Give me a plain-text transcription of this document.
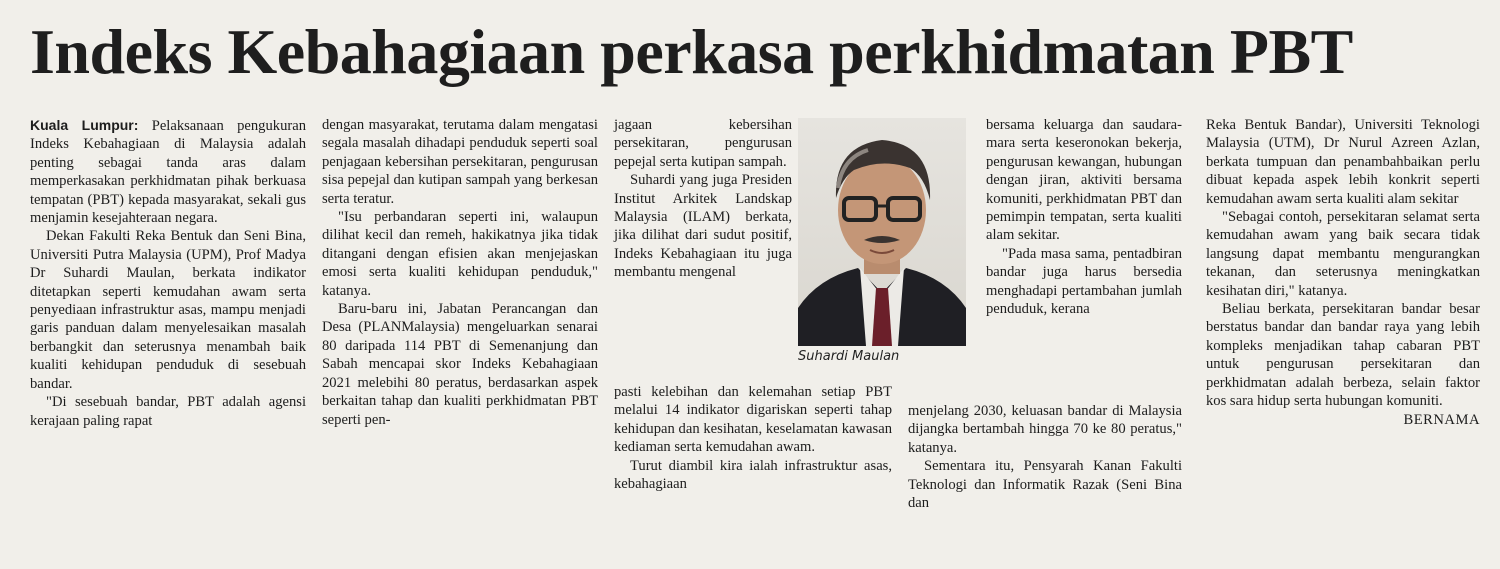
Indeks Kebahagiaan perkasa perkhidmatan PBT

Kuala Lumpur: Pelaksanaan pengukuran Indeks Kebahagiaan di Malaysia adalah penting sebagai tanda aras dalam memperkasakan perkhidmatan pihak berkuasa tempatan (PBT) kepada masyarakat, sekali gus menjamin kesejahteraan negara.

Dekan Fakulti Reka Bentuk dan Seni Bina, Universiti Putra Malaysia (UPM), Prof Madya Dr Suhardi Maulan, berkata indikator ditetapkan seperti kemudahan awam serta penyediaan infrastruktur asas, mampu menjadi garis panduan dalam menyelesaikan masalah berbangkit dan seterusnya menambah baik kualiti kehidupan penduduk di sesebuah bandar.

"Di sesebuah bandar, PBT adalah agensi kerajaan paling rapat

dengan masyarakat, terutama dalam mengatasi segala masalah dihadapi penduduk seperti soal penjagaan kebersihan persekitaran, pengurusan sisa pepejal dan kutipan sampah yang berkesan serta teratur.

"Isu perbandaran seperti ini, walaupun dilihat kecil dan remeh, hakikatnya jika tidak ditangani dengan efisien akan menjejaskan emosi serta kualiti kehidupan penduduk," katanya.

Baru-baru ini, Jabatan Perancangan dan Desa (PLANMalaysia) mengeluarkan senarai 80 daripada 114 PBT di Semenanjung dan Sabah mencapai skor Indeks Kebahagiaan 2021 melebihi 80 peratus, berdasarkan aspek berkaitan tahap dan kualiti perkhidmatan PBT seperti pen-

jagaan kebersihan persekitaran, pengurusan pepejal serta kutipan sampah.

Suhardi yang juga Presiden Institut Arkitek Landskap Malaysia (ILAM) berkata, jika dilihat dari sudut positif, Indeks Kebahagiaan itu juga membantu mengenal

Suhardi Maulan

pasti kelebihan dan kelemahan setiap PBT melalui 14 indikator digariskan seperti tahap kehidupan dan kesihatan, keselamatan kawasan kediaman serta kemudahan awam.

Turut diambil kira ialah infrastruktur asas, kebahagiaan

bersama keluarga dan saudara-mara serta keseronokan bekerja, pengurusan kewangan, hubungan dengan jiran, aktiviti bersama komuniti, perkhidmatan PBT dan pemimpin tempatan, serta kualiti alam sekitar.

"Pada masa sama, pentadbiran bandar juga harus bersedia menghadapi pertambahan jumlah penduduk, kerana

menjelang 2030, keluasan bandar di Malaysia dijangka bertambah hingga 70 ke 80 peratus," katanya.

Sementara itu, Pensyarah Kanan Fakulti Teknologi dan Informatik Razak (Seni Bina dan

Reka Bentuk Bandar), Universiti Teknologi Malaysia (UTM), Dr Nurul Azreen Azlan, berkata tumpuan dan penambahbaikan perlu dibuat kepada aspek lebih konkrit seperti kemudahan awam serta kualiti alam sekitar

"Sebagai contoh, persekitaran selamat serta kemudahan awam yang baik secara tidak langsung dapat membantu mengurangkan tekanan, dan seterusnya meningkatkan kesihatan diri," katanya.

Beliau berkata, persekitaran bandar besar berstatus bandar dan bandar raya yang lebih kompleks menjadikan tahap cabaran PBT untuk pengurusan persekitaran dan perkhidmatan adalah berbeza, selain faktor kos sara hidup serta hubungan komuniti.

BERNAMA
